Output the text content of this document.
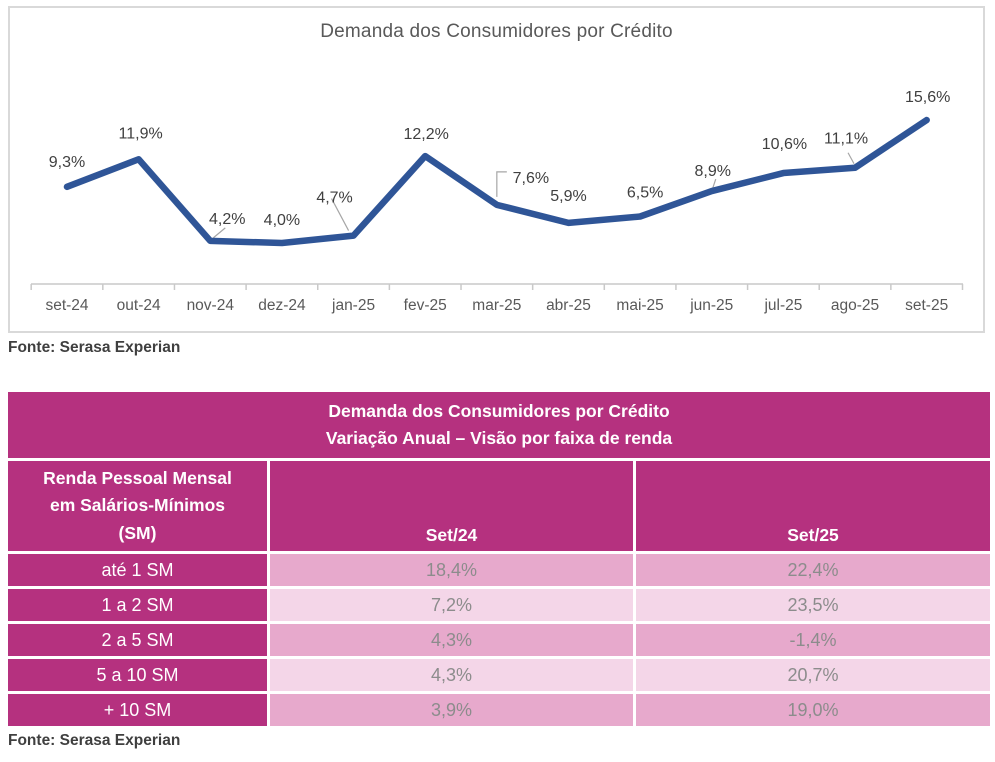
Demanda dos Consumidores por Crédito
set-24 out-24 nov-24 dez-24 jan-25 fev-25 mar-25 abr-25 mai-25 jun-25 jul-25 ago-25 set-25
9,3%
11,9%
4,2% 4,0%
4,7%
12,2%
7,6%
5,9%	6,5%
8,9%
10,6% 11,1%
15,6%
Fonte: Serasa Experian
Demanda dos Consumidores por Crédito
Variação Anual – Visão por faixa de renda
Renda Pessoal Mensal
em Salários-Mínimos
(SM)	Set/24	Set/25
até 1 SM	18,4%	22,4%
1 a 2 SM	7,2%	23,5%
2 a 5 SM	4,3%	-1,4%
5 a 10 SM	4,3%	20,7%
+ 10 SM	3,9%	19,0%
Fonte: Serasa Experian
